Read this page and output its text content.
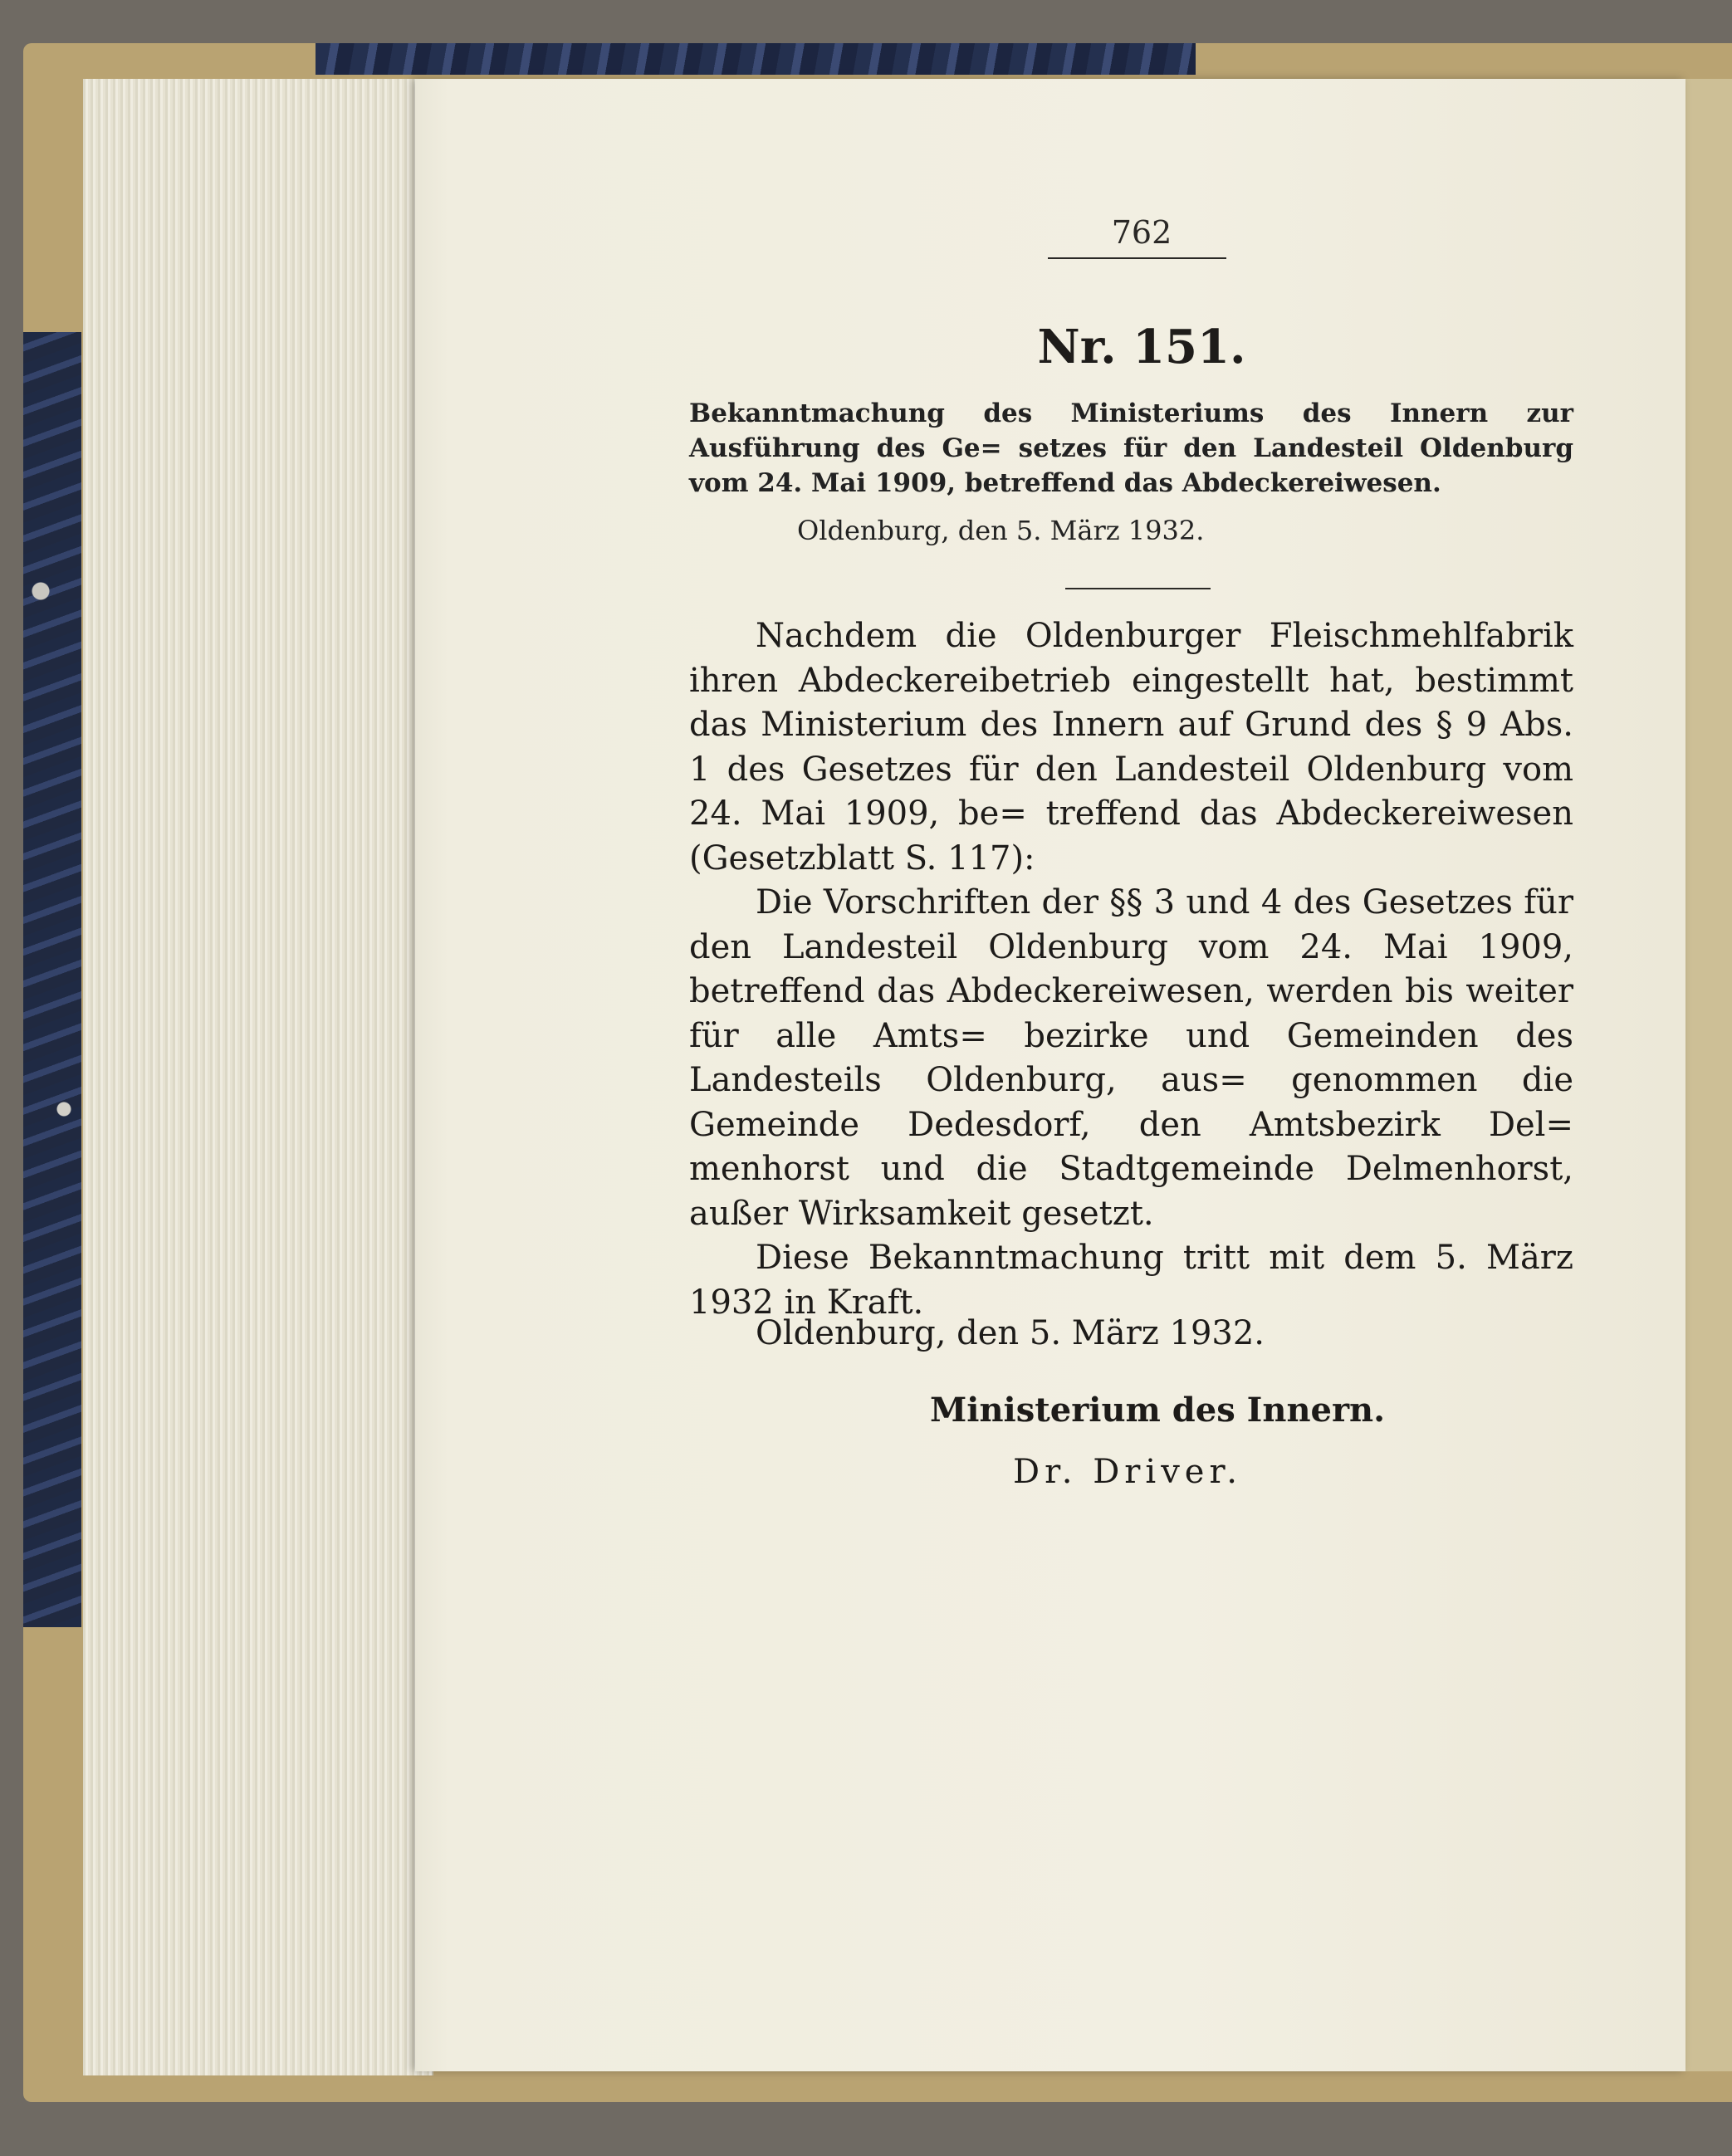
762
Nr. 151.
Bekanntmachung des Ministeriums des Innern zur Ausführung des Ge= setzes für den Landesteil Oldenburg vom 24. Mai 1909, betreffend das Abdeckereiwesen.
Oldenburg, den 5. März 1932.

Nachdem die Oldenburger Fleischmehlfabrik ihren Abdeckereibetrieb eingestellt hat, bestimmt das Ministerium des Innern auf Grund des § 9 Abs. 1 des Gesetzes für den Landesteil Oldenburg vom 24. Mai 1909, be= treffend das Abdeckereiwesen (Gesetzblatt S. 117):

Die Vorschriften der §§ 3 und 4 des Gesetzes für den Landesteil Oldenburg vom 24. Mai 1909, betreffend das Abdeckereiwesen, werden bis weiter für alle Amts= bezirke und Gemeinden des Landesteils Oldenburg, aus= genommen die Gemeinde Dedesdorf, den Amtsbezirk Del= menhorst und die Stadtgemeinde Delmenhorst, außer Wirksamkeit gesetzt.

Diese Bekanntmachung tritt mit dem 5. März 1932 in Kraft.

Oldenburg, den 5. März 1932.
Ministerium des Innern.
Dr. Driver.
